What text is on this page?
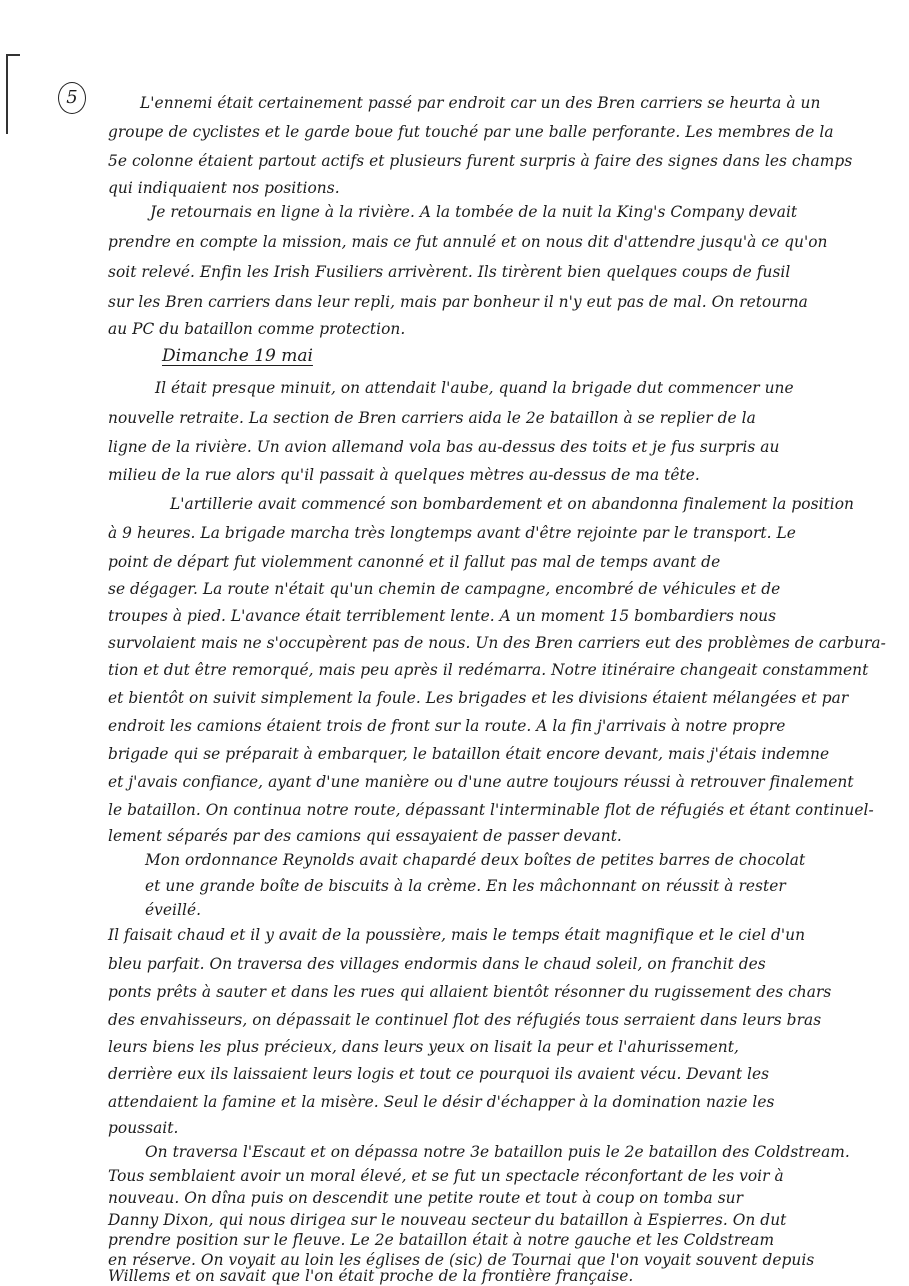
5	L'ennemi était certainement passé par endroit car un des Bren carriers se heurta à un
groupe de cyclistes et le garde boue fut touché par une balle perforante. Les membres de la
5e colonne étaient partout actifs et plusieurs furent surpris à faire des signes dans les champs
qui indiquaient nos positions.
Je retournais en ligne à la rivière. A la tombée de la nuit la King's Company devait
prendre en compte la mission, mais ce fut annulé et on nous dit d'attendre jusqu'à ce qu'on
soit relevé. Enfin les Irish Fusiliers arrivèrent. Ils tirèrent bien quelques coups de fusil
sur les Bren carriers dans leur repli, mais par bonheur il n'y eut pas de mal. On retourna
au PC du bataillon comme protection.
Dimanche 19 mai
Il était presque minuit, on attendait l'aube, quand la brigade dut commencer une
nouvelle retraite. La section de Bren carriers aida le 2e bataillon à se replier de la
ligne de la rivière. Un avion allemand vola bas au-dessus des toits et je fus surpris au
milieu de la rue alors qu'il passait à quelques mètres au-dessus de ma tête.
L'artillerie avait commencé son bombardement et on abandonna finalement la position
à 9 heures. La brigade marcha très longtemps avant d'être rejointe par le transport. Le
point de départ fut violemment canonné et il fallut pas mal de temps avant de
se dégager. La route n'était qu'un chemin de campagne, encombré de véhicules et de
troupes à pied. L'avance était terriblement lente. A un moment 15 bombardiers nous
survolaient mais ne s'occupèrent pas de nous. Un des Bren carriers eut des problèmes de carbura-
tion et dut être remorqué, mais peu après il redémarra. Notre itinéraire changeait constamment
et bientôt on suivit simplement la foule. Les brigades et les divisions étaient mélangées et par
endroit les camions étaient trois de front sur la route. A la fin j'arrivais à notre propre
brigade qui se préparait à embarquer, le bataillon était encore devant, mais j'étais indemne
et j'avais confiance, ayant d'une manière ou d'une autre toujours réussi à retrouver finalement
le bataillon. On continua notre route, dépassant l'interminable flot de réfugiés et étant continuel-
lement séparés par des camions qui essayaient de passer devant.
Mon ordonnance Reynolds avait chapardé deux boîtes de petites barres de chocolat
et une grande boîte de biscuits à la crème. En les mâchonnant on réussit à rester
éveillé.
Il faisait chaud et il y avait de la poussière, mais le temps était magnifique et le ciel d'un
bleu parfait. On traversa des villages endormis dans le chaud soleil, on franchit des
ponts prêts à sauter et dans les rues qui allaient bientôt résonner du rugissement des chars
des envahisseurs, on dépassait le continuel flot des réfugiés tous serraient dans leurs bras
leurs biens les plus précieux, dans leurs yeux on lisait la peur et l'ahurissement,
derrière eux ils laissaient leurs logis et tout ce pourquoi ils avaient vécu. Devant les
attendaient la famine et la misère. Seul le désir d'échapper à la domination nazie les
poussait.
On traversa l'Escaut et on dépassa notre 3e bataillon puis le 2e bataillon des Coldstream.
Tous semblaient avoir un moral élevé, et se fut un spectacle réconfortant de les voir à
nouveau. On dîna puis on descendit une petite route et tout à coup on tomba sur
Danny Dixon, qui nous dirigea sur le nouveau secteur du bataillon à Espierres. On dut
prendre position sur le fleuve. Le 2e bataillon était à notre gauche et les Coldstream
en réserve. On voyait au loin les églises de (sic) de Tournai que l'on voyait souvent depuis
Willems et on savait que l'on était proche de la frontière française.
